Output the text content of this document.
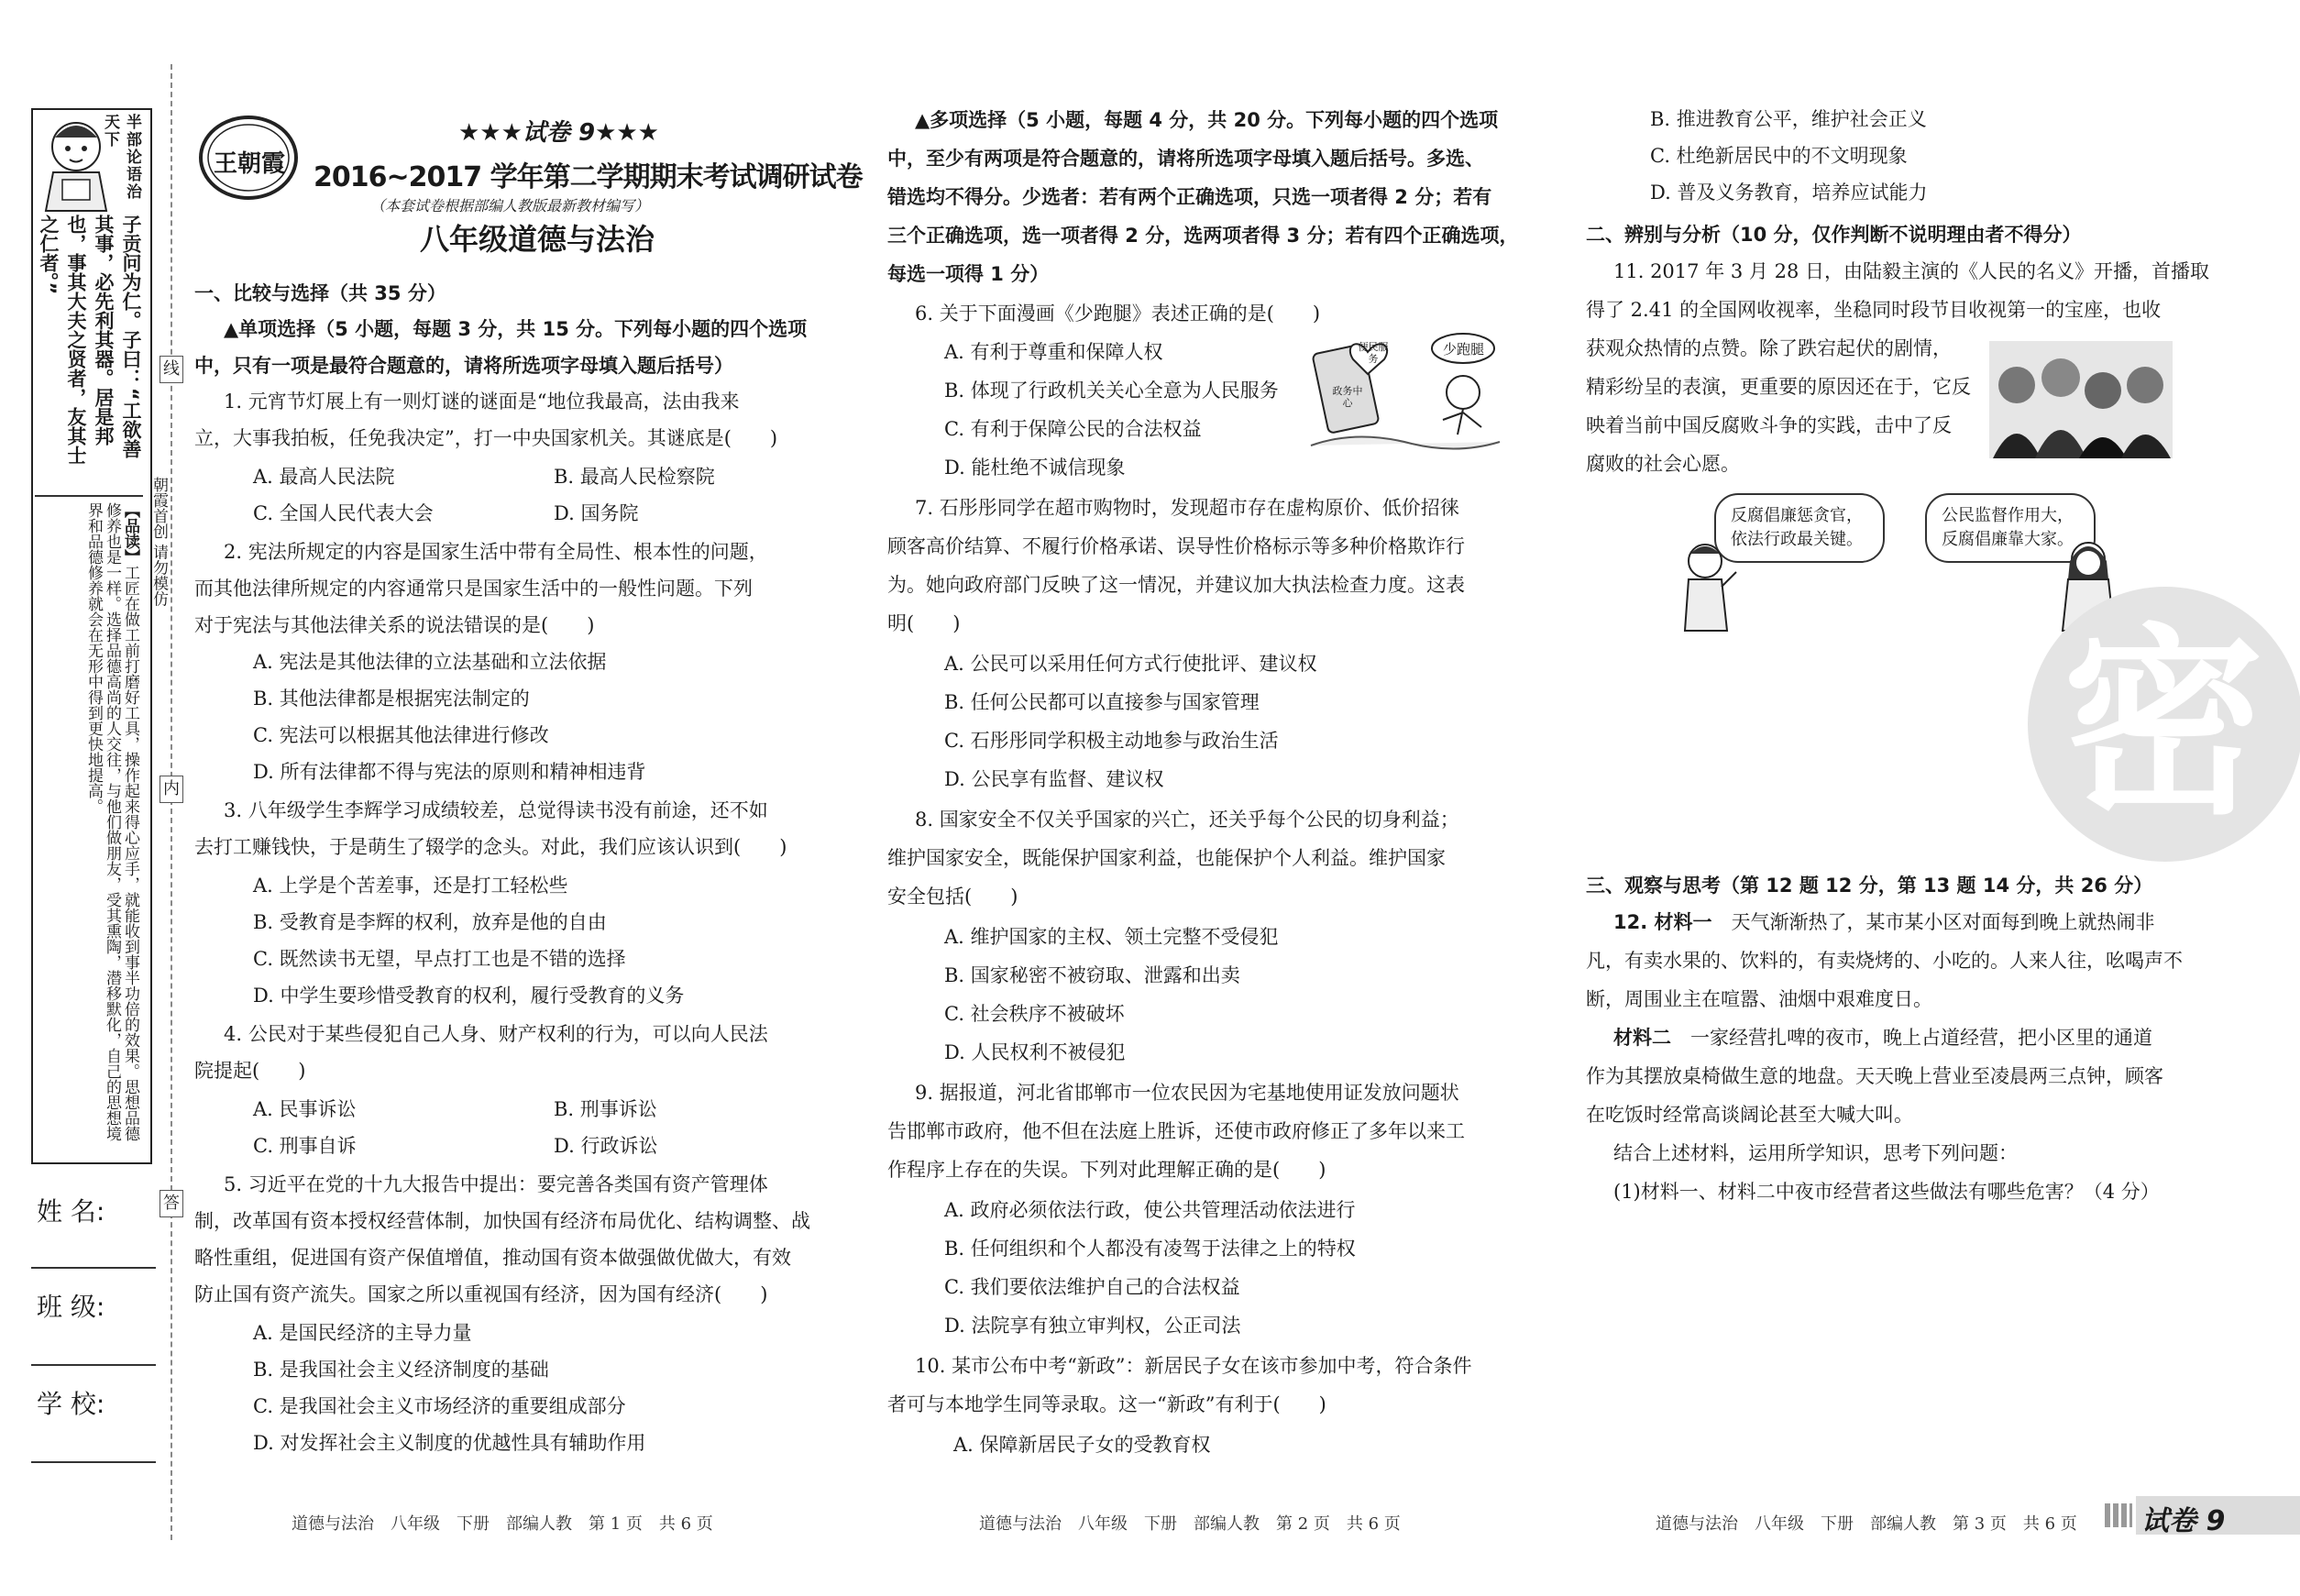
半部论语治天下
子贡问为仁。子曰：“工欲善其事，必先利其器。居是邦也，事其大夫之贤者，友其士之仁者。”
【品读】工匠在做工前打磨好工具，操作起来得心应手，就能收到事半功倍的效果。思想品德修养也是一样。选择品德高尚的人交往，与他们做朋友，受其熏陶，潜移默化，自己的思想境界和品德修养就会在无形中得到更快地提高。
线
内
答
朝霞首创 请勿模仿
姓 名:
班 级:
学 校:
王朝霞
★★★试卷 9★★★
2016~2017 学年第二学期期末考试调研试卷
（本套试卷根据部编人教版最新教材编写）
八年级道德与法治
一、比较与选择（共 35 分）
▲单项选择（5 小题，每题 3 分，共 15 分。下列每小题的四个选项
中，只有一项是最符合题意的，请将所选项字母填入题后括号）
1. 元宵节灯展上有一则灯谜的谜面是“地位我最高，法由我来
立，大事我拍板，任免我决定”，打一中央国家机关。其谜底是(　　)
A. 最高人民法院	B. 最高人民检察院
C. 全国人民代表大会	D. 国务院
2. 宪法所规定的内容是国家生活中带有全局性、根本性的问题，
而其他法律所规定的内容通常只是国家生活中的一般性问题。下列
对于宪法与其他法律关系的说法错误的是(　　)
A. 宪法是其他法律的立法基础和立法依据
B. 其他法律都是根据宪法制定的
C. 宪法可以根据其他法律进行修改
D. 所有法律都不得与宪法的原则和精神相违背
3. 八年级学生李辉学习成绩较差，总觉得读书没有前途，还不如
去打工赚钱快，于是萌生了辍学的念头。对此，我们应该认识到(　　)
A. 上学是个苦差事，还是打工轻松些
B. 受教育是李辉的权利，放弃是他的自由
C. 既然读书无望，早点打工也是不错的选择
D. 中学生要珍惜受教育的权利，履行受教育的义务
4. 公民对于某些侵犯自己人身、财产权利的行为，可以向人民法
院提起(　　)
A. 民事诉讼	B. 刑事诉讼
C. 刑事自诉	D. 行政诉讼
5. 习近平在党的十九大报告中提出：要完善各类国有资产管理体
制，改革国有资本授权经营体制，加快国有经济布局优化、结构调整、战
略性重组，促进国有资产保值增值，推动国有资本做强做优做大，有效
防止国有资产流失。国家之所以重视国有经济，因为国有经济(　　)
A. 是国民经济的主导力量
B. 是我国社会主义经济制度的基础
C. 是我国社会主义市场经济的重要组成部分
D. 对发挥社会主义制度的优越性具有辅助作用
道德与法治　八年级　下册　部编人教　第 1 页　共 6 页
▲多项选择（5 小题，每题 4 分，共 20 分。下列每小题的四个选项
中，至少有两项是符合题意的，请将所选项字母填入题后括号。多选、
错选均不得分。少选者：若有两个正确选项，只选一项者得 2 分；若有
三个正确选项，选一项者得 2 分，选两项者得 3 分；若有四个正确选项，
每选一项得 1 分）
6. 关于下面漫画《少跑腿》表述正确的是(　　)
A. 有利于尊重和保障人权
B. 体现了行政机关关心全意为人民服务
C. 有利于保障公民的合法权益
D. 能杜绝不诚信现象
少跑腿
便民服务
政务中心
7. 石彤彤同学在超市购物时，发现超市存在虚构原价、低价招徕
顾客高价结算、不履行价格承诺、误导性价格标示等多种价格欺诈行
为。她向政府部门反映了这一情况，并建议加大执法检查力度。这表
明(　　)
A. 公民可以采用任何方式行使批评、建议权
B. 任何公民都可以直接参与国家管理
C. 石彤彤同学积极主动地参与政治生活
D. 公民享有监督、建议权
8. 国家安全不仅关乎国家的兴亡，还关乎每个公民的切身利益；
维护国家安全，既能保护国家利益，也能保护个人利益。维护国家
安全包括(　　)
A. 维护国家的主权、领土完整不受侵犯
B. 国家秘密不被窃取、泄露和出卖
C. 社会秩序不被破坏
D. 人民权利不被侵犯
9. 据报道，河北省邯郸市一位农民因为宅基地使用证发放问题状
告邯郸市政府，他不但在法庭上胜诉，还使市政府修正了多年以来工
作程序上存在的失误。下列对此理解正确的是(　　)
A. 政府必须依法行政，使公共管理活动依法进行
B. 任何组织和个人都没有凌驾于法律之上的特权
C. 我们要依法维护自己的合法权益
D. 法院享有独立审判权，公正司法
10. 某市公布中考“新政”：新居民子女在该市参加中考，符合条件
者可与本地学生同等录取。这一“新政”有利于(　　)
A. 保障新居民子女的受教育权
道德与法治　八年级　下册　部编人教　第 2 页　共 6 页
B. 推进教育公平，维护社会正义
C. 杜绝新居民中的不文明现象
D. 普及义务教育，培养应试能力
二、辨别与分析（10 分，仅作判断不说明理由者不得分）
11. 2017 年 3 月 28 日，由陆毅主演的《人民的名义》开播，首播取
得了 2.41 的全国网收视率，坐稳同时段节目收视第一的宝座，也收
获观众热情的点赞。除了跌宕起伏的剧情，
精彩纷呈的表演，更重要的原因还在于，它反
映着当前中国反腐败斗争的实践，击中了反
腐败的社会心愿。
反腐倡廉惩贪官，依法行政最关键。
公民监督作用大，反腐倡廉靠大家。
密
三、观察与思考（第 12 题 12 分，第 13 题 14 分，共 26 分）
12. 材料一　 天气渐渐热了，某市某小区对面每到晚上就热闹非
凡，有卖水果的、饮料的，有卖烧烤的、小吃的。人来人往，吆喝声不
断，周围业主在喧嚣、油烟中艰难度日。
材料二　 一家经营扎啤的夜市，晚上占道经营，把小区里的通道
作为其摆放桌椅做生意的地盘。天天晚上营业至凌晨两三点钟，顾客
在吃饭时经常高谈阔论甚至大喊大叫。
结合上述材料，运用所学知识，思考下列问题：
(1)材料一、材料二中夜市经营者这些做法有哪些危害？（4 分）
道德与法治　八年级　下册　部编人教　第 3 页　共 6 页 试卷 9
